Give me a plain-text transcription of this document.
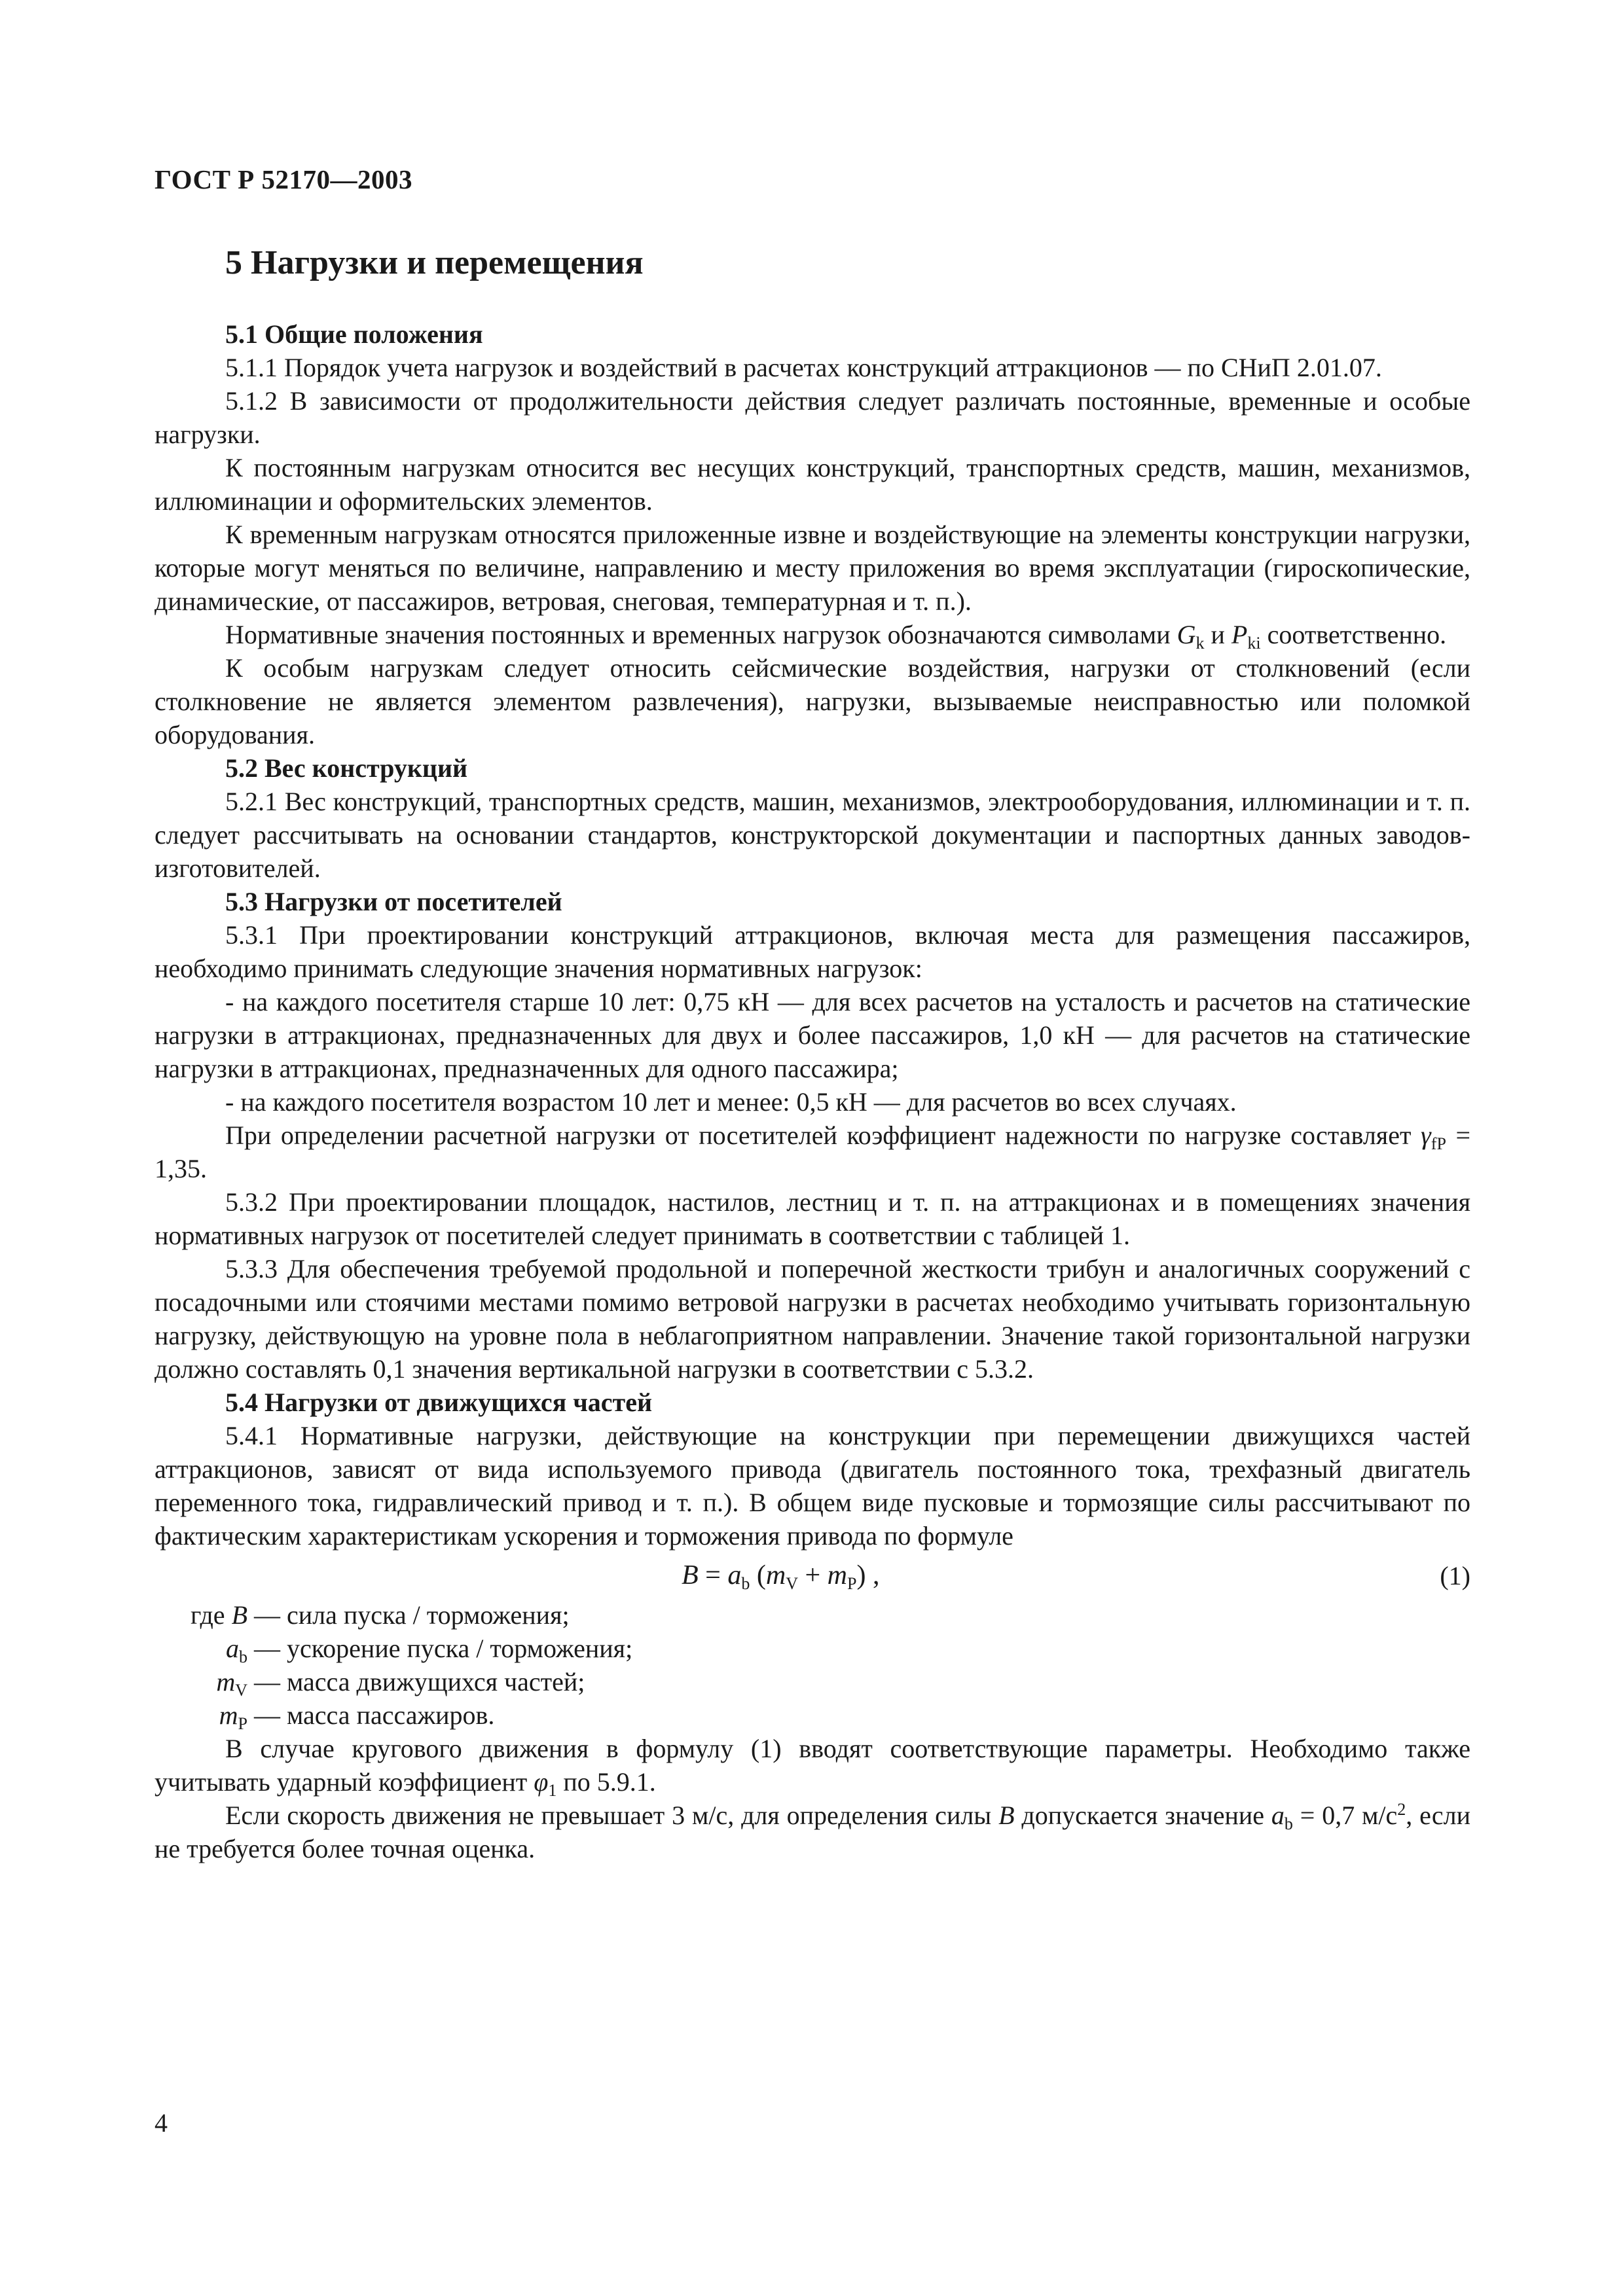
ГОСТ Р 52170—2003
5 Нагрузки и перемещения

5.1 Общие положения

5.1.1 Порядок учета нагрузок и воздействий в расчетах конструкций аттракционов — по СНиП 2.01.07.

5.1.2 В зависимости от продолжительности действия следует различать постоянные, временные и особые нагрузки.

К постоянным нагрузкам относится вес несущих конструкций, транспортных средств, машин, механизмов, иллюминации и оформительских элементов.

К временным нагрузкам относятся приложенные извне и воздействующие на элементы конструкции нагрузки, которые могут меняться по величине, направлению и месту приложения во время эксплуатации (гироскопические, динамические, от пассажиров, ветровая, снеговая, температурная и т. п.).

Нормативные значения постоянных и временных нагрузок обозначаются символами $G_k$ и $P_{ki}$ соответственно.

К особым нагрузкам следует относить сейсмические воздействия, нагрузки от столкновений (если столкновение не является элементом развлечения), нагрузки, вызываемые неисправностью или поломкой оборудования.

5.2 Вес конструкций

5.2.1 Вес конструкций, транспортных средств, машин, механизмов, электрооборудования, иллюминации и т. п. следует рассчитывать на основании стандартов, конструкторской документации и паспортных данных заводов-изготовителей.

5.3 Нагрузки от посетителей

5.3.1 При проектировании конструкций аттракционов, включая места для размещения пассажиров, необходимо принимать следующие значения нормативных нагрузок:

- на каждого посетителя старше 10 лет: 0,75 кН — для всех расчетов на усталость и расчетов на статические нагрузки в аттракционах, предназначенных для двух и более пассажиров, 1,0 кН — для расчетов на статические нагрузки в аттракционах, предназначенных для одного пассажира;

- на каждого посетителя возрастом 10 лет и менее: 0,5 кН — для расчетов во всех случаях.

При определении расчетной нагрузки от посетителей коэффициент надежности по нагрузке составляет $\gamma_{fP} = 1,35$.

5.3.2 При проектировании площадок, настилов, лестниц и т. п. на аттракционах и в помещениях значения нормативных нагрузок от посетителей следует принимать в соответствии с таблицей 1.

5.3.3 Для обеспечения требуемой продольной и поперечной жесткости трибун и аналогичных сооружений с посадочными или стоячими местами помимо ветровой нагрузки в расчетах необходимо учитывать горизонтальную нагрузку, действующую на уровне пола в неблагоприятном направлении. Значение такой горизонтальной нагрузки должно составлять 0,1 значения вертикальной нагрузки в соответствии с 5.3.2.

5.4 Нагрузки от движущихся частей

5.4.1 Нормативные нагрузки, действующие на конструкции при перемещении движущихся частей аттракционов, зависят от вида используемого привода (двигатель постоянного тока, трехфазный двигатель переменного тока, гидравлический привод и т. п.). В общем виде пусковые и тормозящие силы рассчитывают по фактическим характеристикам ускорения и торможения привода по формуле

$B = a_b$ $(m_V + m_P)$ ,	(1)
где B — сила пуска / торможения;
$a_b$ — ускорение пуска / торможения;
$m_V$ — масса движущихся частей;
$m_P$ — масса пассажиров.

В случае кругового движения в формулу (1) вводят соответствующие параметры. Необходимо также учитывать ударный коэффициент $\varphi_1$ по 5.9.1.

Если скорость движения не превышает 3 м/с, для определения силы B допускается значение $a_b = 0,7$ $м/с^2$, если не требуется более точная оценка.

4
